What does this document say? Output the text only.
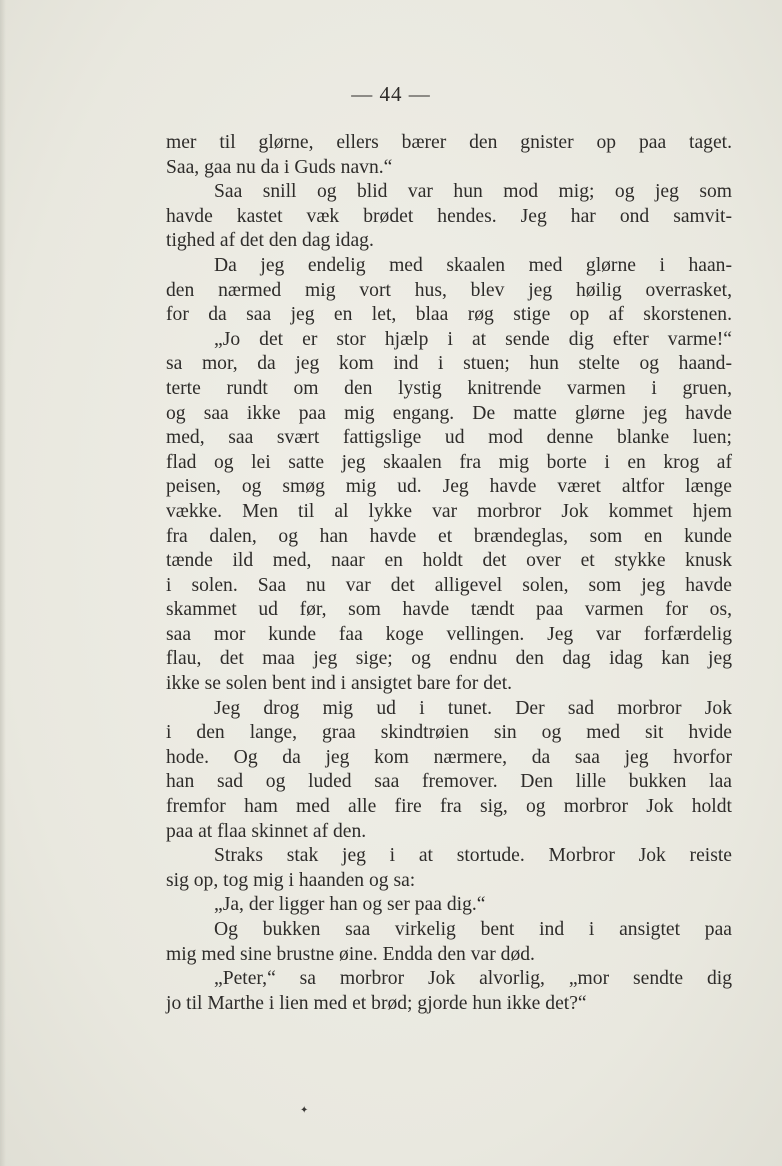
— 44 —
mer til glørne, ellers bærer den gnister op paa taget.
Saa, gaa nu da i Guds navn.“
Saa snill og blid var hun mod mig; og jeg som
havde kastet væk brødet hendes. Jeg har ond samvit-
tighed af det den dag idag.
Da jeg endelig med skaalen med glørne i haan-
den nærmed mig vort hus, blev jeg høilig overrasket,
for da saa jeg en let, blaa røg stige op af skorstenen.
„Jo det er stor hjælp i at sende dig efter varme!“
sa mor, da jeg kom ind i stuen; hun stelte og haand-
terte rundt om den lystig knitrende varmen i gruen,
og saa ikke paa mig engang. De matte glørne jeg havde
med, saa svært fattigslige ud mod denne blanke luen;
flad og lei satte jeg skaalen fra mig borte i en krog af
peisen, og smøg mig ud. Jeg havde været altfor længe
vække. Men til al lykke var morbror Jok kommet hjem
fra dalen, og han havde et brændeglas, som en kunde
tænde ild med, naar en holdt det over et stykke knusk
i solen. Saa nu var det alligevel solen, som jeg havde
skammet ud før, som havde tændt paa varmen for os,
saa mor kunde faa koge vellingen. Jeg var forfærdelig
flau, det maa jeg sige; og endnu den dag idag kan jeg
ikke se solen bent ind i ansigtet bare for det.
Jeg drog mig ud i tunet. Der sad morbror Jok
i den lange, graa skindtrøien sin og med sit hvide
hode. Og da jeg kom nærmere, da saa jeg hvorfor
han sad og luded saa fremover. Den lille bukken laa
fremfor ham med alle fire fra sig, og morbror Jok holdt
paa at flaa skinnet af den.
Straks stak jeg i at stortude. Morbror Jok reiste
sig op, tog mig i haanden og sa:
„Ja, der ligger han og ser paa dig.“
Og bukken saa virkelig bent ind i ansigtet paa
mig med sine brustne øine. Endda den var død.
„Peter,“ sa morbror Jok alvorlig, „mor sendte dig
jo til Marthe i lien med et brød; gjorde hun ikke det?“
✦
